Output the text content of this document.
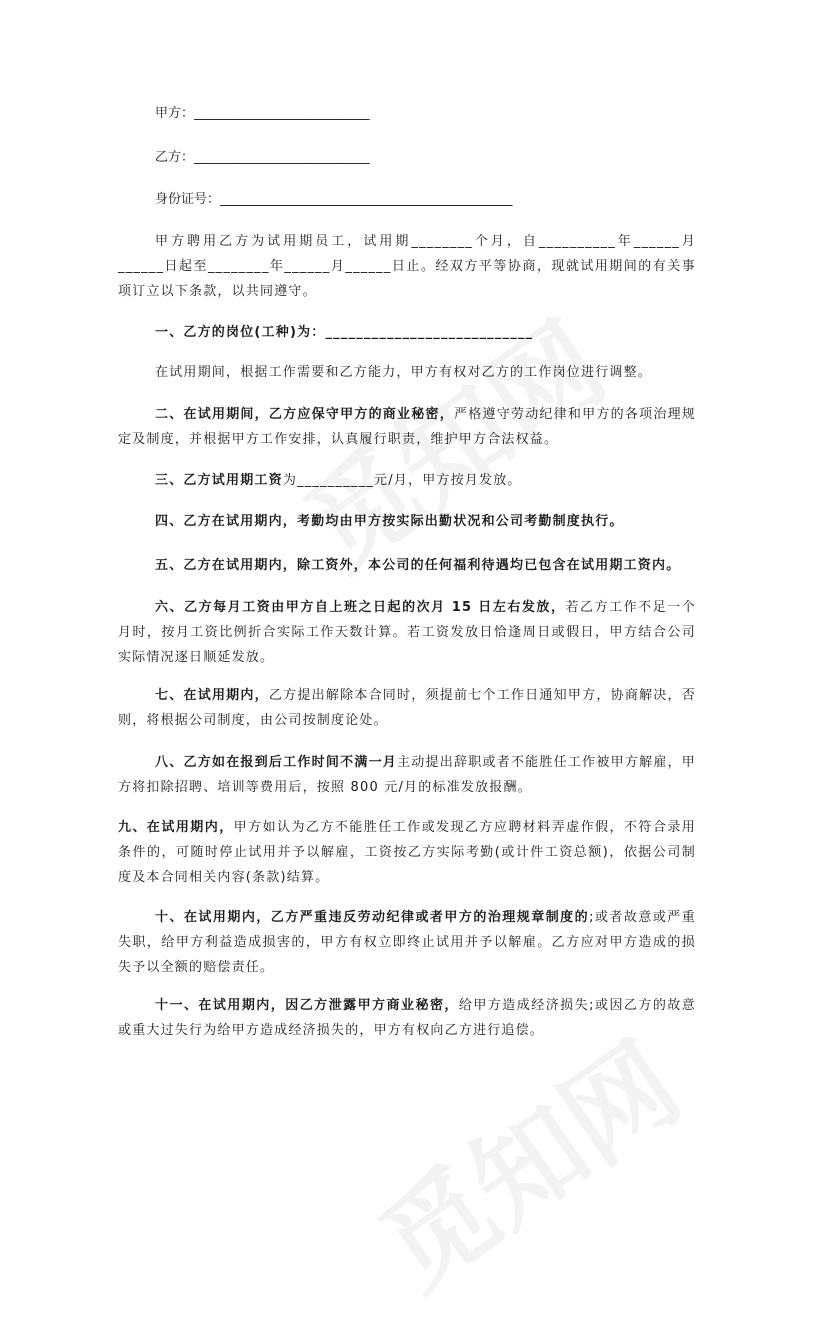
甲方：___________________________
乙方：___________________________
身份证号：_____________________________________________
甲方聘用乙方为试用期员工，试用期________个月，自__________年______月______日起至________年______月______日止。经双方平等协商，现就试用期间的有关事项订立以下条款，以共同遵守。
一、乙方的岗位(工种)为：___________________________
在试用期间，根据工作需要和乙方能力，甲方有权对乙方的工作岗位进行调整。
二、在试用期间，乙方应保守甲方的商业秘密，严格遵守劳动纪律和甲方的各项治理规定及制度，并根据甲方工作安排，认真履行职责，维护甲方合法权益。
三、乙方试用期工资为__________元/月，甲方按月发放。
四、乙方在试用期内，考勤均由甲方按实际出勤状况和公司考勤制度执行。
五、乙方在试用期内，除工资外，本公司的任何福利待遇均已包含在试用期工资内。
六、乙方每月工资由甲方自上班之日起的次月 15 日左右发放，若乙方工作不足一个月时，按月工资比例折合实际工作天数计算。若工资发放日恰逢周日或假日，甲方结合公司实际情况逐日顺延发放。
七、在试用期内，乙方提出解除本合同时，须提前七个工作日通知甲方，协商解决，否则，将根据公司制度，由公司按制度论处。
八、乙方如在报到后工作时间不满一月主动提出辞职或者不能胜任工作被甲方解雇，甲方将扣除招聘、培训等费用后，按照 800 元/月的标准发放报酬。
九、在试用期内，甲方如认为乙方不能胜任工作或发现乙方应聘材料弄虚作假，不符合录用条件的，可随时停止试用并予以解雇，工资按乙方实际考勤(或计件工资总额)，依据公司制度及本合同相关内容(条款)结算。
十、在试用期内，乙方严重违反劳动纪律或者甲方的治理规章制度的;或者故意或严重失职，给甲方利益造成损害的，甲方有权立即终止试用并予以解雇。乙方应对甲方造成的损失予以全额的赔偿责任。
十一、在试用期内，因乙方泄露甲方商业秘密，给甲方造成经济损失;或因乙方的故意或重大过失行为给甲方造成经济损失的，甲方有权向乙方进行追偿。
